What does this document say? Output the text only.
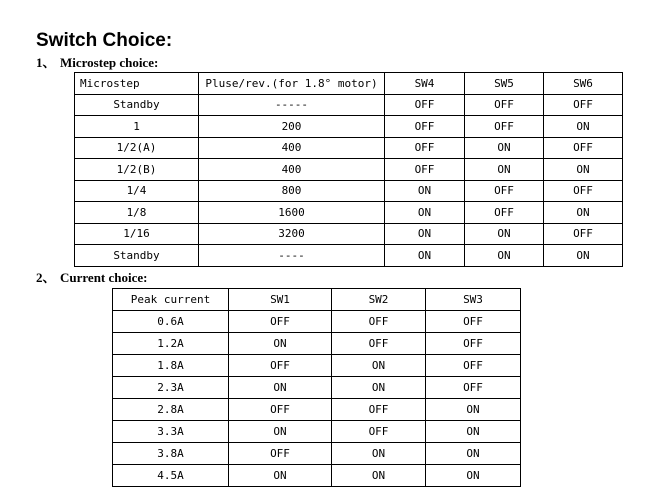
Switch Choice:
1、 Microstep choice:
Microstep	Pluse/rev.(for 1.8° motor)	SW4	SW5	SW6
Standby	-----	OFF	OFF	OFF
1	200	OFF	OFF	ON
1/2(A)	400	OFF	ON	OFF
1/2(B)	400	OFF	ON	ON
1/4	800	ON	OFF	OFF
1/8	1600	ON	OFF	ON
1/16	3200	ON	ON	OFF
Standby	----	ON	ON	ON
2、 Current choice:
Peak current	SW1	SW2	SW3
0.6A	OFF	OFF	OFF
1.2A	ON	OFF	OFF
1.8A	OFF	ON	OFF
2.3A	ON	ON	OFF
2.8A	OFF	OFF	ON
3.3A	ON	OFF	ON
3.8A	OFF	ON	ON
4.5A	ON	ON	ON
